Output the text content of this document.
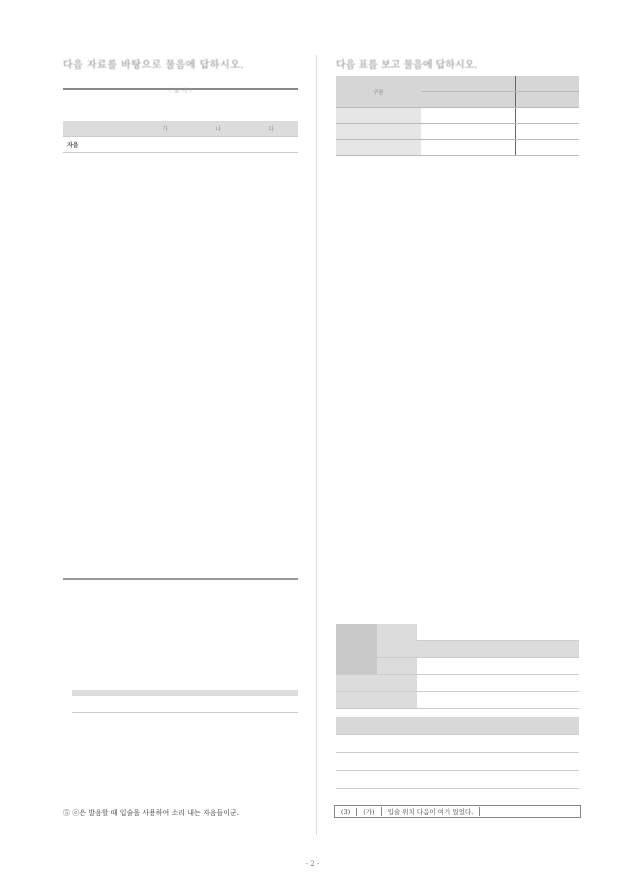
다음 자료를 바탕으로 물음에 답하시오.
〈 보 기 〉
	가	나	다
자음			
다음 표를 보고 물음에 답하시오.
구분					

⑤ ⓔ은 발음할 때 입술을 사용하여 소리 내는 자음들이군.

				(3)	(가)	입술 위치 다음이 여기 있었다.
- 2 -
